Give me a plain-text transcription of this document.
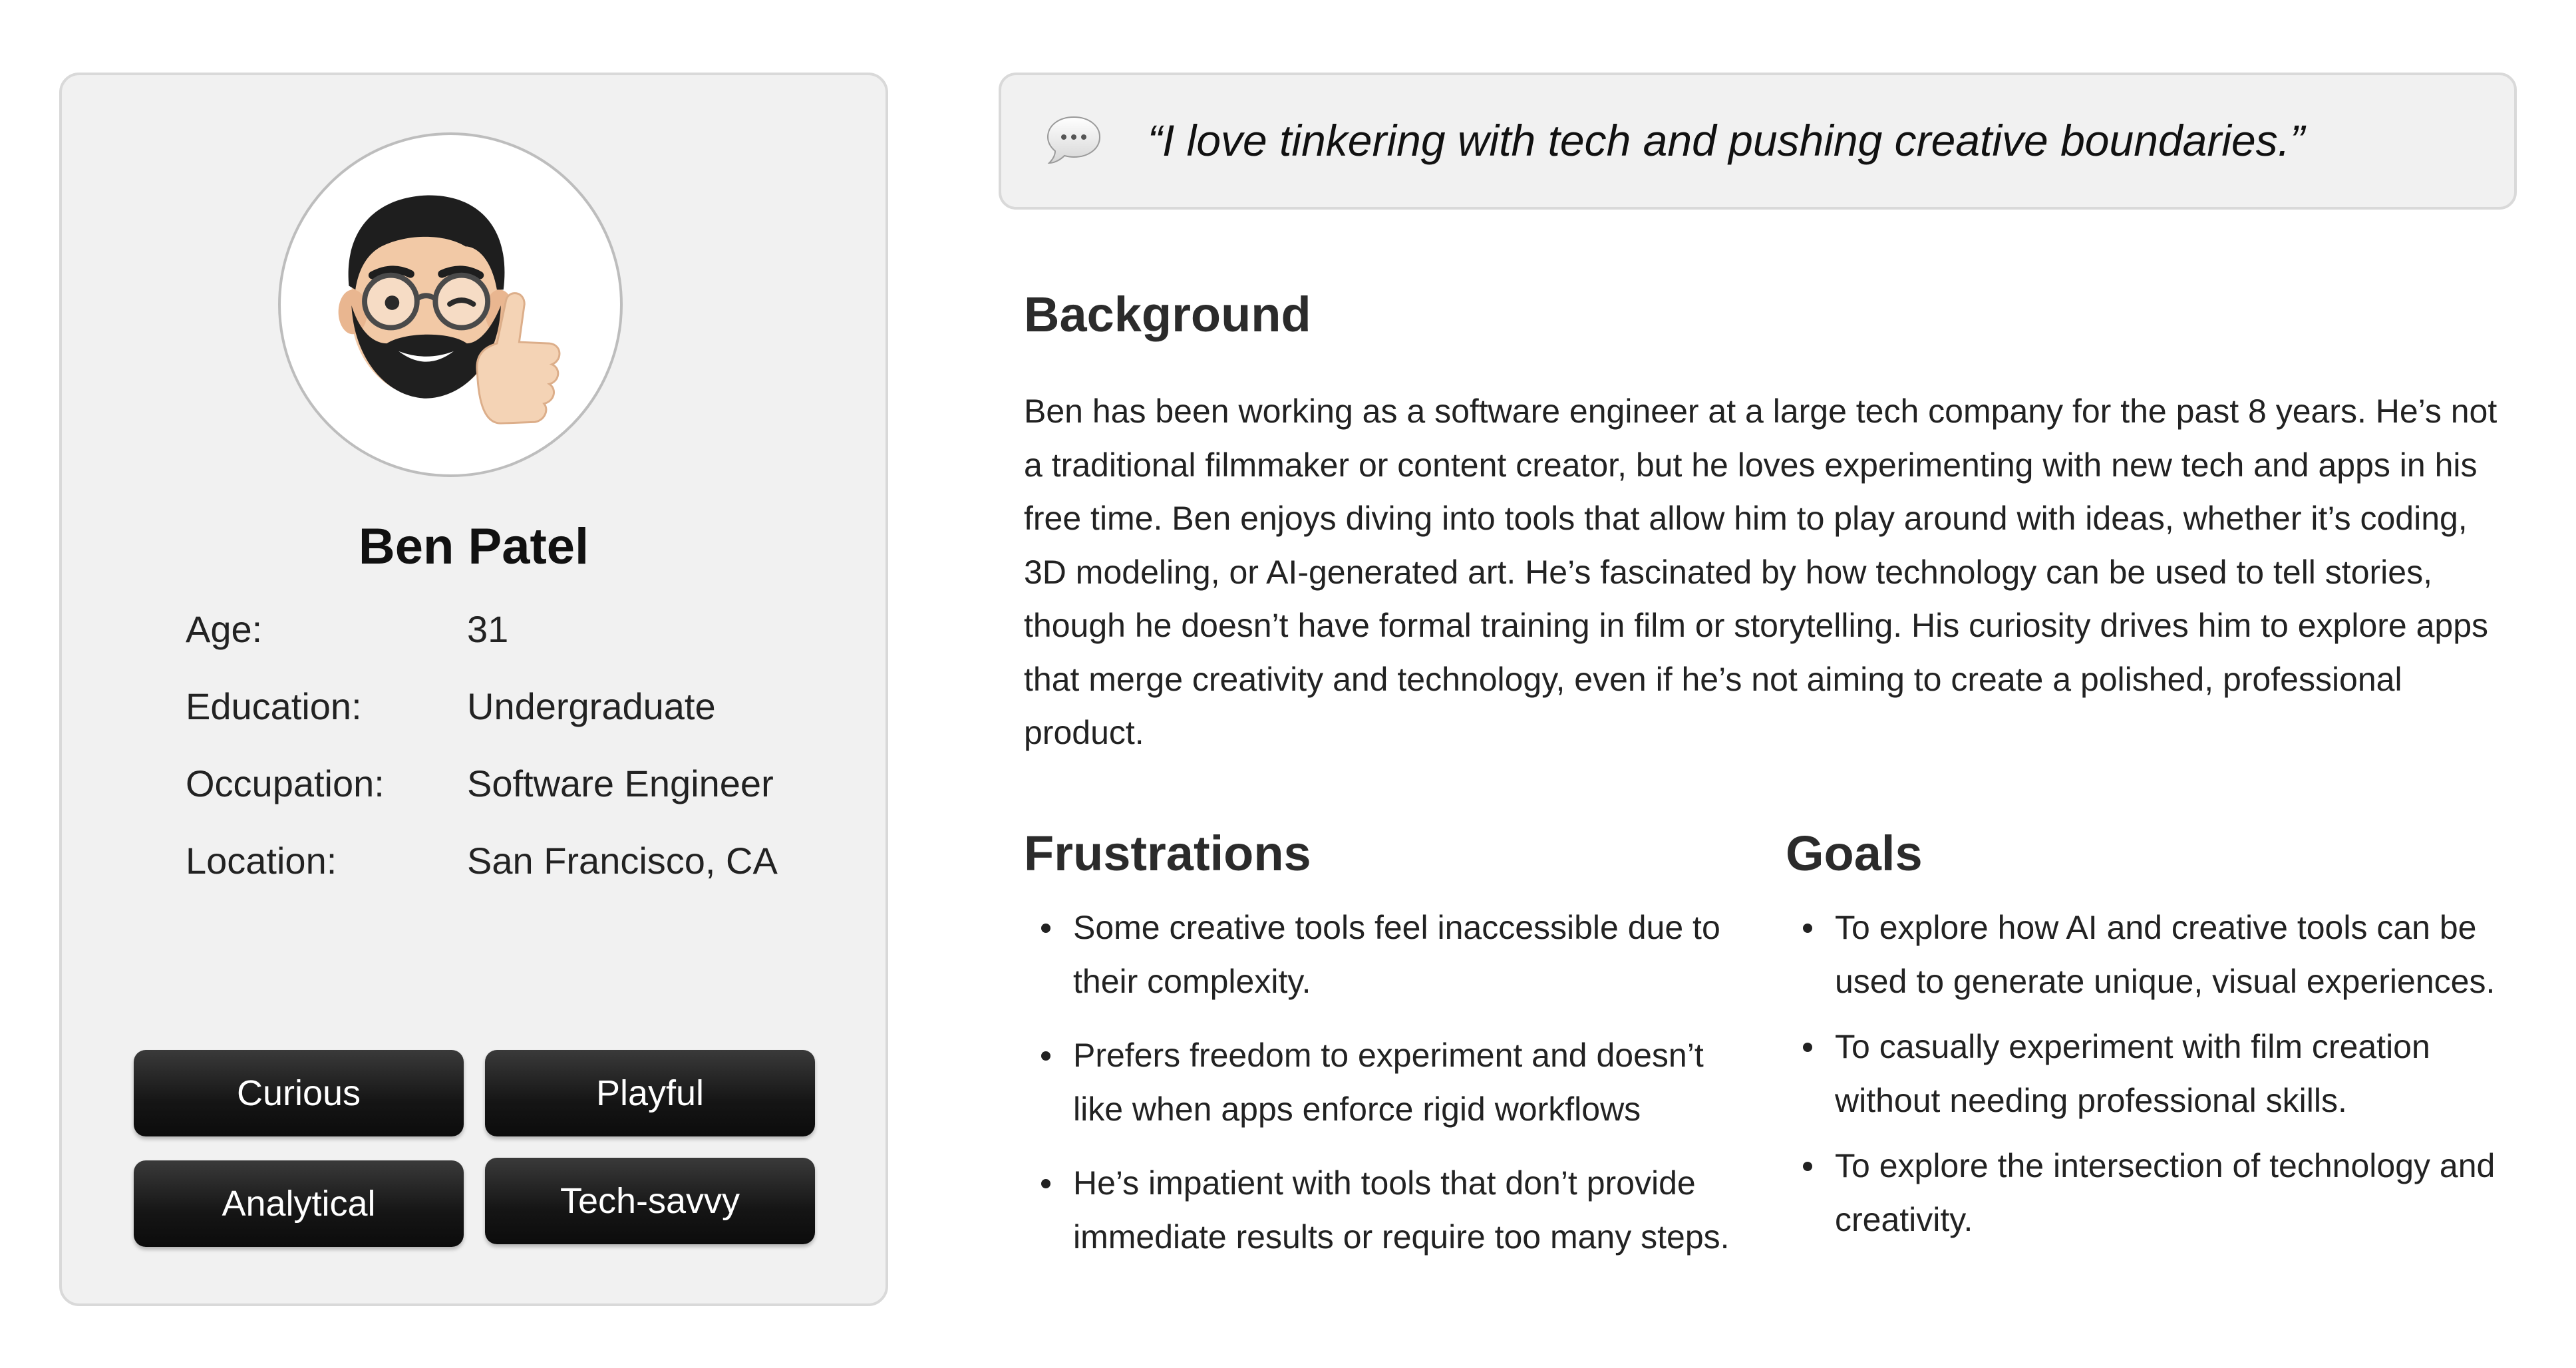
Ben Patel
Age:	31
Education:	Undergraduate
Occupation:	Software Engineer
Location:	San Francisco, CA
Curious	Playful
Analytical	Tech-savvy
“I love tinkering with tech and pushing creative boundaries.”
Background

Ben has been working as a software engineer at a large tech company for the past 8 years. He’s not a traditional filmmaker or content creator, but he loves experimenting with new tech and apps in his free time. Ben enjoys diving into tools that allow him to play around with ideas, whether it’s coding, 3D modeling, or AI-generated art. He’s fascinated by how technology can be used to tell stories, though he doesn’t have formal training in film or storytelling. His curiosity drives him to explore apps that merge creativity and technology, even if he’s not aiming to create a polished, professional product.

Frustrations
Some creative tools feel inaccessible due to their complexity.
Prefers freedom to experiment and doesn’t like when apps enforce rigid workflows
He’s impatient with tools that don’t provide immediate results or require too many steps.
Goals
To explore how AI and creative tools can be used to generate unique, visual experiences.
To casually experiment with film creation without needing professional skills.
To explore the intersection of technology and creativity.
